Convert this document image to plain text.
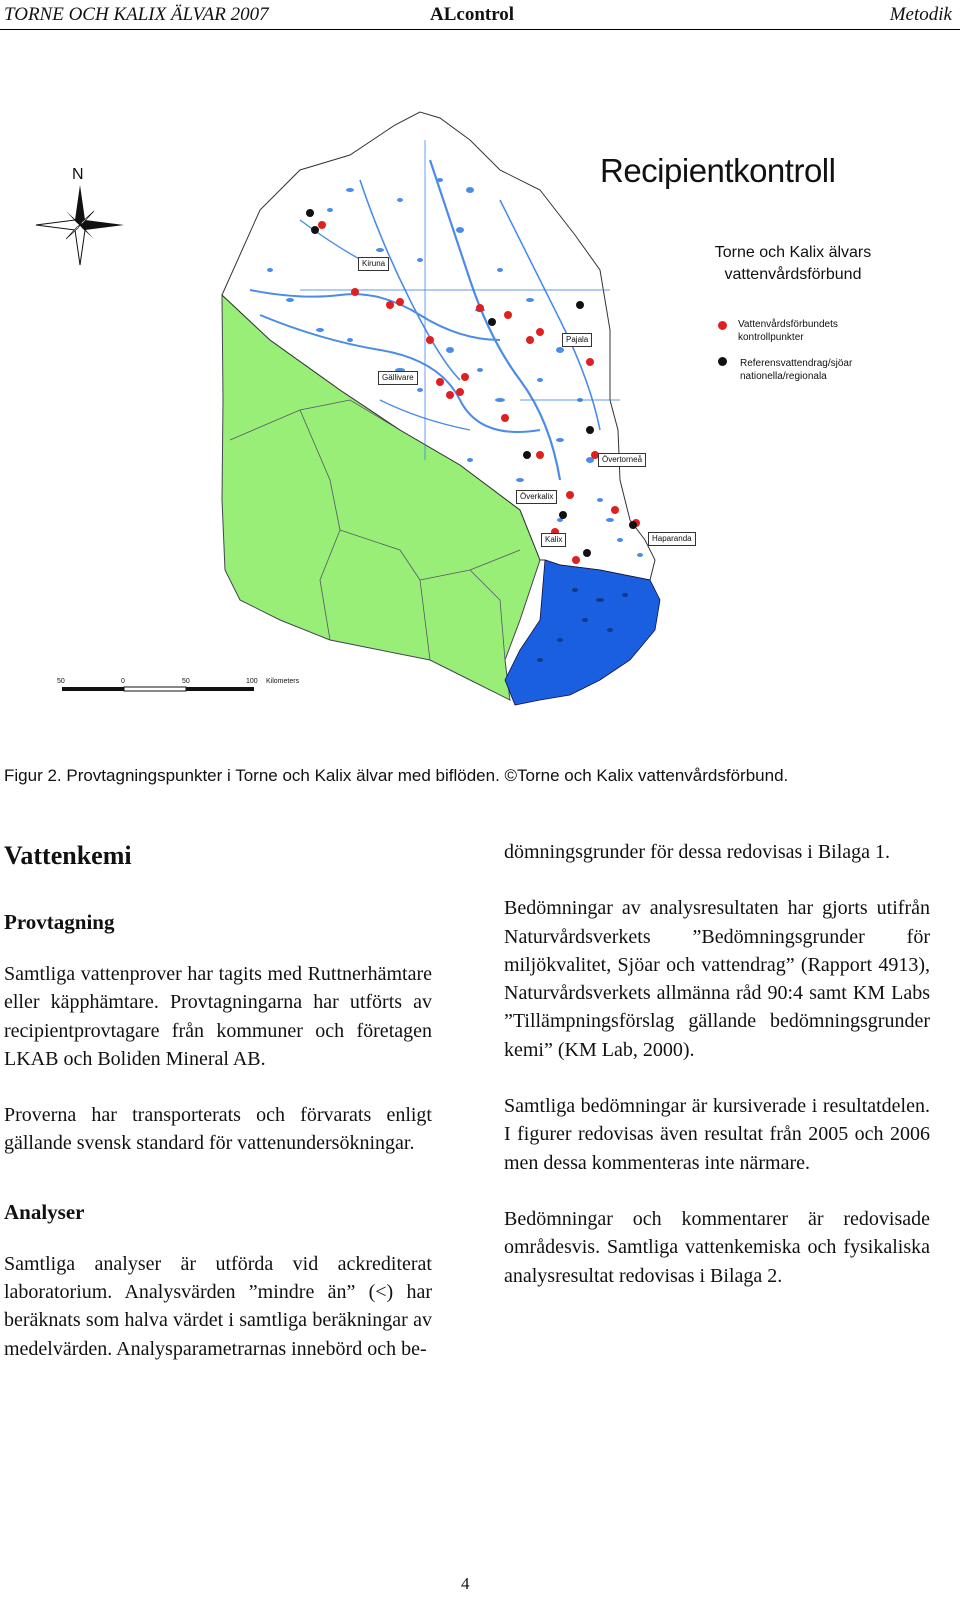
TORNE OCH KALIX ÄLVAR 2007	ALcontrol	Metodik
Recipientkontroll
Torne och Kalix älvars
vattenvårdsförbund
Vattenvårdsförbundets
kontrollpunkter
Referensvattendrag/sjöar
nationella/regionala
N
Kiruna
Pajala
Gällivare
Övertorneå
Överkalix
Kalix	Haparanda
50	0	50	100 Kilometers
Figur 2. Provtagningspunkter i Torne och Kalix älvar med biflöden. ©Torne och Kalix vattenvårdsförbund.
Vattenkemi
Provtagning

Samtliga vattenprover har tagits med Ruttnerhämtare eller käpphämtare. Provtagningarna har utförts av recipientprovtagare från kommuner och företagen LKAB och Boliden Mineral AB.

Proverna har transporterats och förvarats enligt gällande svensk standard för vattenundersökningar.

Analyser

Samtliga analyser är utförda vid ackrediterat laboratorium. Analysvärden ”mindre än” (<) har beräknats som halva värdet i samtliga beräkningar av medelvärden. Analysparametrarnas innebörd och be-

dömningsgrunder för dessa redovisas i Bilaga 1.

Bedömningar av analysresultaten har gjorts utifrån Naturvårdsverkets ”Bedömningsgrunder för miljökvalitet, Sjöar och vattendrag” (Rapport 4913), Naturvårdsverkets allmänna råd 90:4 samt KM Labs ”Tillämpningsförslag gällande bedömningsgrunder kemi” (KM Lab, 2000).

Samtliga bedömningar är kursiverade i resultatdelen. I figurer redovisas även resultat från 2005 och 2006 men dessa kommenteras inte närmare.

Bedömningar och kommentarer är redovisade områdesvis. Samtliga vattenkemiska och fysikaliska analysresultat redovisas i Bilaga 2.

4
